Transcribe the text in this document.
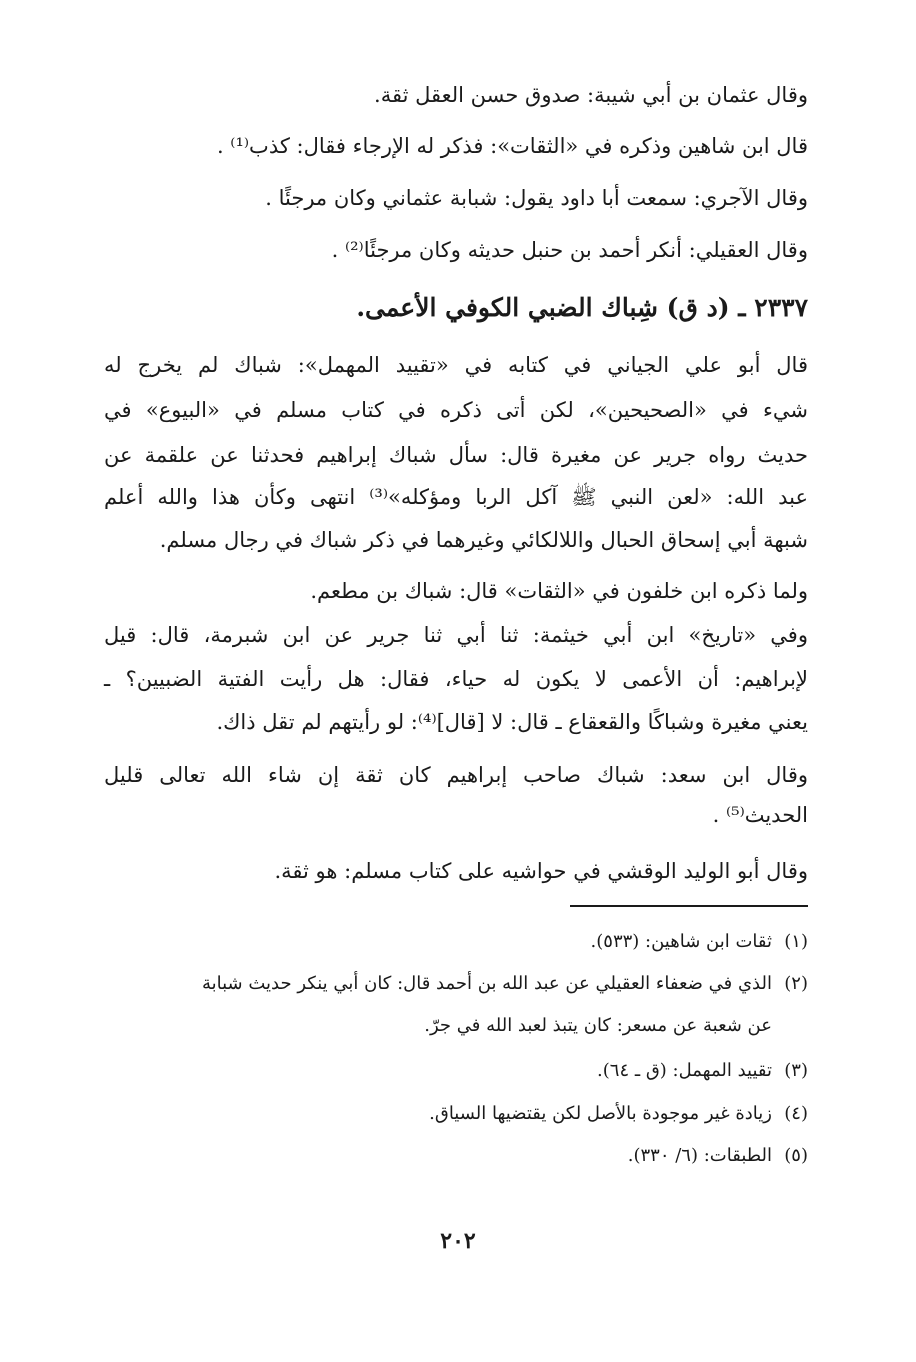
وقال عثمان بن أبي شيبة: صدوق حسن العقل ثقة.
قال ابن شاهين وذكره في «الثقات»: فذكر له الإرجاء فقال: كذب⁽¹⁾ .
وقال الآجري: سمعت أبا داود يقول: شبابة عثماني وكان مرجئًا .
وقال العقيلي: أنكر أحمد بن حنبل حديثه وكان مرجئًا⁽²⁾ .
٢٣٣٧ ـ (د ق) شِباك الضبي الكوفي الأعمى.
قال أبو علي الجياني في كتابه في «تقييد المهمل»: شباك لم يخرج له
شيء في «الصحيحين»، لكن أتى ذكره في كتاب مسلم في «البيوع» في
حديث رواه جرير عن مغيرة قال: سأل شباك إبراهيم فحدثنا عن علقمة عن
عبد الله: «لعن النبي ﷺ آكل الربا ومؤكله»⁽³⁾ انتهى وكأن هذا والله أعلم
شبهة أبي إسحاق الحبال واللالكائي وغيرهما في ذكر شباك في رجال مسلم.
ولما ذكره ابن خلفون في «الثقات» قال: شباك بن مطعم.
وفي «تاريخ» ابن أبي خيثمة: ثنا أبي ثنا جرير عن ابن شبرمة، قال: قيل
لإبراهيم: أن الأعمى لا يكون له حياء، فقال: هل رأيت الفتية الضبيين؟ ـ
يعني مغيرة وشباكًا والقعقاع ـ قال: لا [قال]⁽⁴⁾: لو رأيتهم لم تقل ذاك.
وقال ابن سعد: شباك صاحب إبراهيم كان ثقة إن شاء الله تعالى قليل
الحديث⁽⁵⁾ .
وقال أبو الوليد الوقشي في حواشيه على كتاب مسلم: هو ثقة.
(١)ثقات ابن شاهين: (٥٣٣).
(٢)الذي في ضعفاء العقيلي عن عبد الله بن أحمد قال: كان أبي ينكر حديث شبابة
عن شعبة عن مسعر: كان يتبذ لعبد الله في جرّ.
(٣)تقييد المهمل: (ق ـ ٦٤).
(٤)زيادة غير موجودة بالأصل لكن يقتضيها السياق.
(٥)الطبقات: (٦/ ٣٣٠).
٢٠٢
